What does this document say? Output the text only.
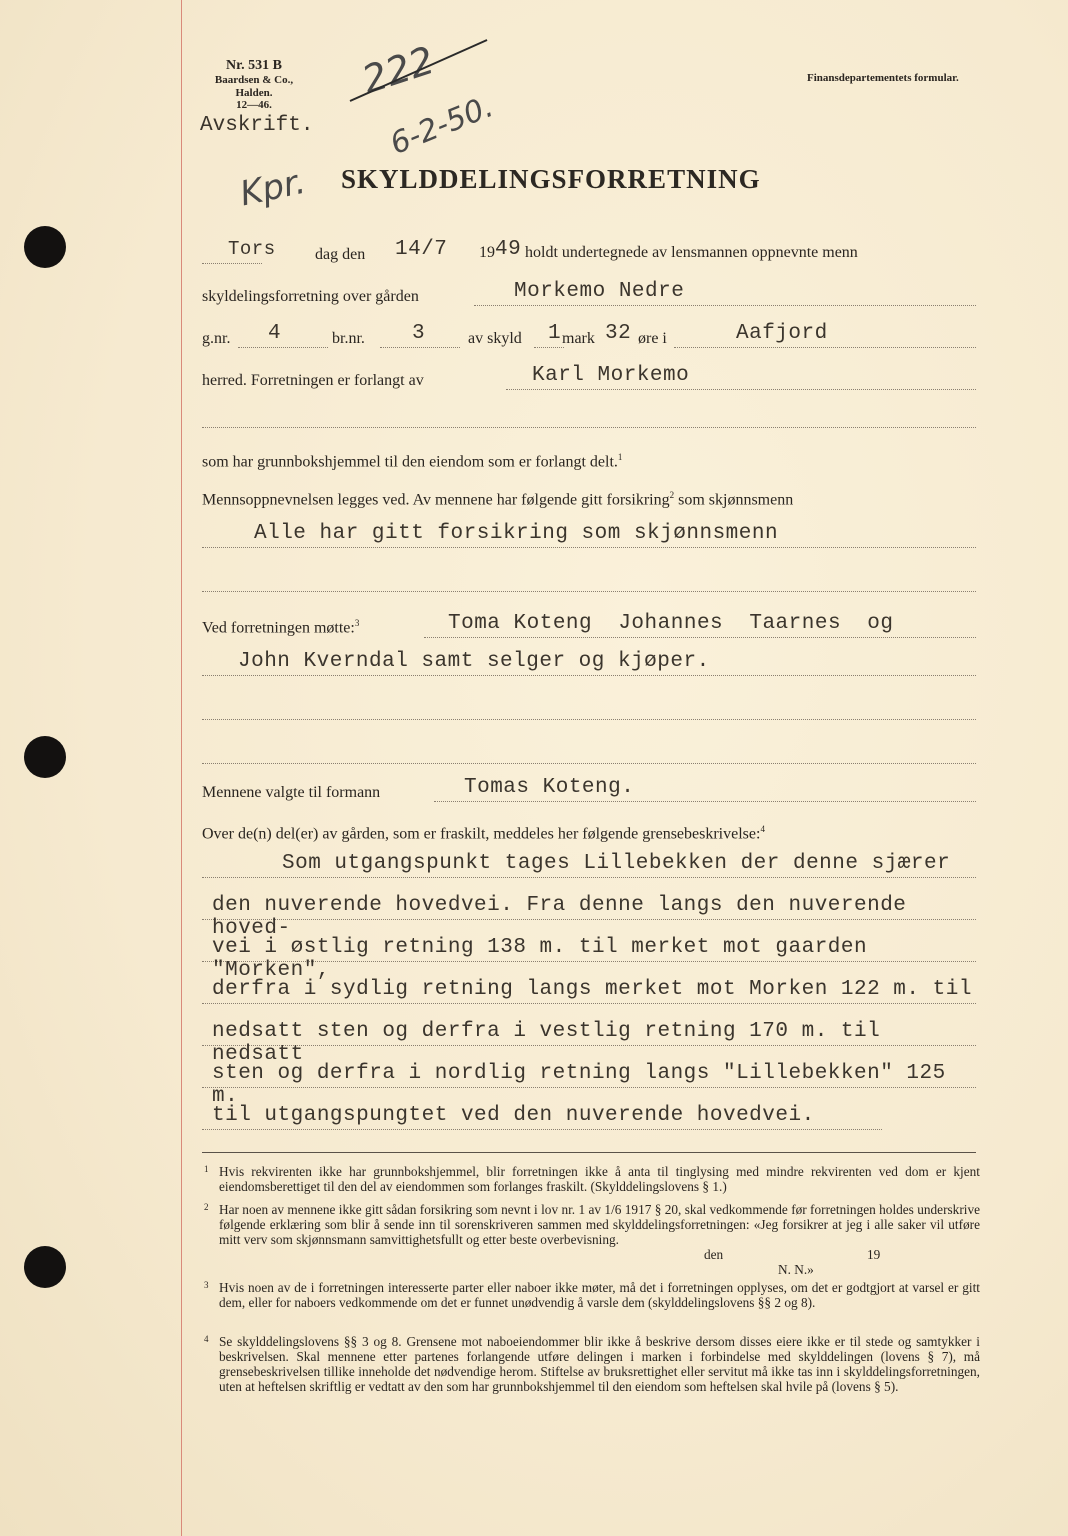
Nr. 531 B
Baardsen & Co., Halden.
12—46.
Finansdepartementets formular.
Avskrift.
222
6-2-50.
Kpr. SKYLDDELINGSFORRETNING
Tors dag den 14/7 19 49 holdt undertegnede av lensmannen oppnevnte menn
skyldelingsforretning over gården	Morkemo Nedre
g.nr. 4	br.nr. 3	av skyld 1 mark 32 øre i	Aafjord
herred. Forretningen er forlangt av	Karl Morkemo
som har grunnbokshjemmel til den eiendom som er forlangt delt.$^1$
Mennsoppnevnelsen legges ved. Av mennene har følgende gitt forsikring$^2$ som skjønnsmenn
Alle har gitt forsikring som skjønnsmenn
Ved forretningen møtte:$^3$	Toma Koteng  Johannes  Taarnes  og
John Kverndal samt selger og kjøper.
Mennene valgte til formann	Tomas Koteng.
Over de(n) del(er) av gården, som er fraskilt, meddeles her følgende grensebeskrivelse:$^4$
Som utgangspunkt tages Lillebekken der denne sjærer
den nuverende hovedvei. Fra denne langs den nuverende hoved-
vei i østlig retning 138 m. til merket mot gaarden "Morken",
derfra i sydlig retning langs merket mot Morken 122 m. til
nedsatt sten og derfra i vestlig retning 170 m. til nedsatt
sten og derfra i nordlig retning langs "Lillebekken" 125 m.
til utgangspungtet ved den nuverende hovedvei.
1 Hvis rekvirenten ikke har grunnbokshjemmel, blir forretningen ikke å anta til tinglysing med mindre rekvirenten ved dom er kjent eiendomsberettiget til den del av eiendommen som forlanges fraskilt. (Skylddelingslovens § 1.)
2 Har noen av mennene ikke gitt sådan forsikring som nevnt i lov nr. 1 av 1/6 1917 § 20, skal vedkommende før forretningen holdes underskrive følgende erklæring som blir å sende inn til sorenskriveren sammen med skylddelingsforretningen: «Jeg forsikrer at jeg i alle saker vil utføre mitt verv som skjønnsmann samvittighetsfullt og etter beste overbevisning.
den	19
N. N.»
3 Hvis noen av de i forretningen interesserte parter eller naboer ikke møter, må det i forretningen opplyses, om det er godtgjort at varsel er gitt dem, eller for naboers vedkommende om det er funnet unødvendig å varsle dem (skylddelingslovens §§ 2 og 8).
4 Se skylddelingslovens §§ 3 og 8. Grensene mot naboeiendommer blir ikke å beskrive dersom disses eiere ikke er til stede og samtykker i beskrivelsen. Skal mennene etter partenes forlangende utføre delingen i marken i forbindelse med skylddelingen (lovens § 7), må grensebeskrivelsen tillike inneholde det nødvendige herom. Stiftelse av bruksrettighet eller servitut må ikke tas inn i skylddelingsforretningen, uten at heftelsen skriftlig er vedtatt av den som har grunnbokshjemmel til den eiendom som heftelsen skal hvile på (lovens § 5).
